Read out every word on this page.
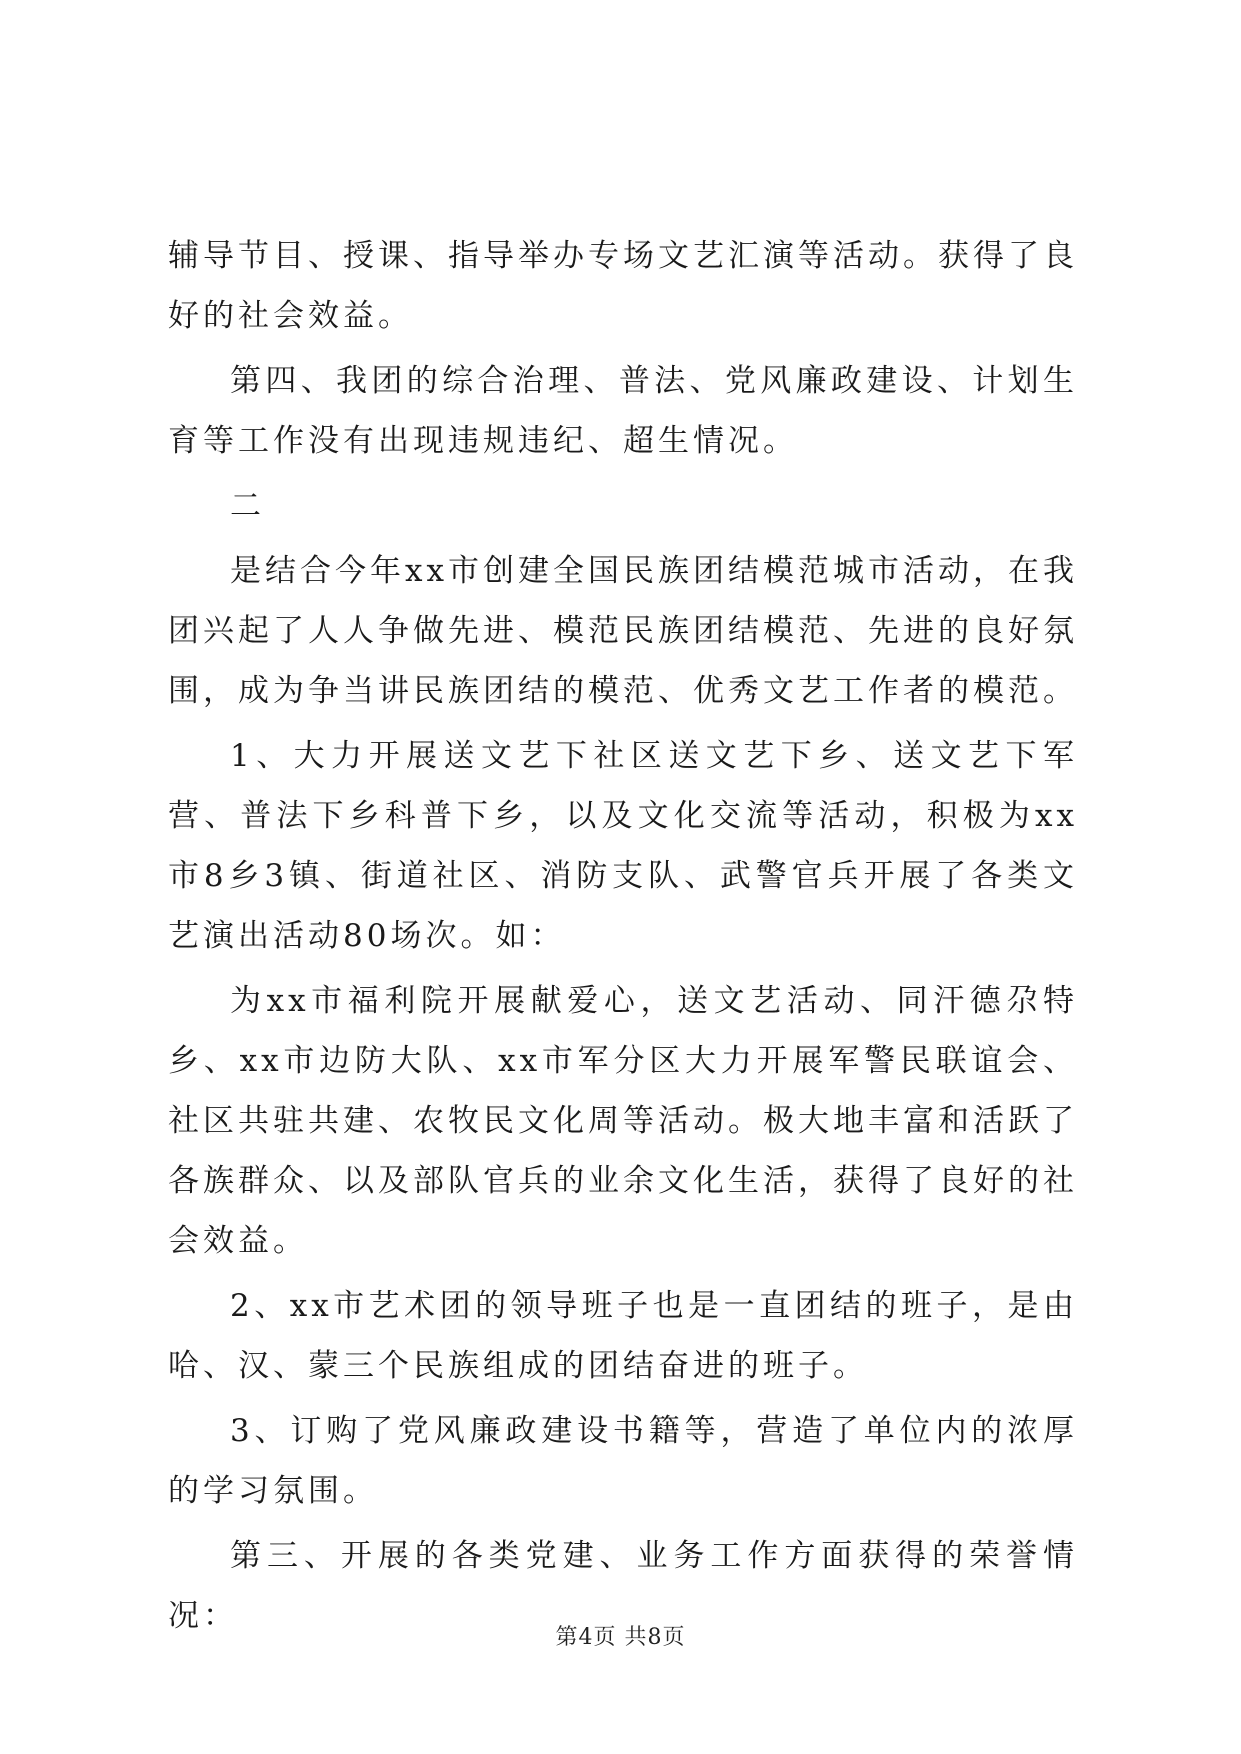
辅导节目、授课、指导举办专场文艺汇演等活动。获得了良好的社会效益。

第四、我团的综合治理、普法、党风廉政建设、计划生育等工作没有出现违规违纪、超生情况。

二

是结合今年xx市创建全国民族团结模范城市活动，在我团兴起了人人争做先进、模范民族团结模范、先进的良好氛围，成为争当讲民族团结的模范、优秀文艺工作者的模范。

1、大力开展送文艺下社区送文艺下乡、送文艺下军营、普法下乡科普下乡，以及文化交流等活动，积极为xx市8乡3镇、街道社区、消防支队、武警官兵开展了各类文艺演出活动80场次。如：

为xx市福利院开展献爱心，送文艺活动、同汗德尕特乡、xx市边防大队、xx市军分区大力开展军警民联谊会、社区共驻共建、农牧民文化周等活动。极大地丰富和活跃了各族群众、以及部队官兵的业余文化生活，获得了良好的社会效益。

2、xx市艺术团的领导班子也是一直团结的班子，是由哈、汉、蒙三个民族组成的团结奋进的班子。

3、订购了党风廉政建设书籍等，营造了单位内的浓厚的学习氛围。

第三、开展的各类党建、业务工作方面获得的荣誉情况：

第4页 共8页
